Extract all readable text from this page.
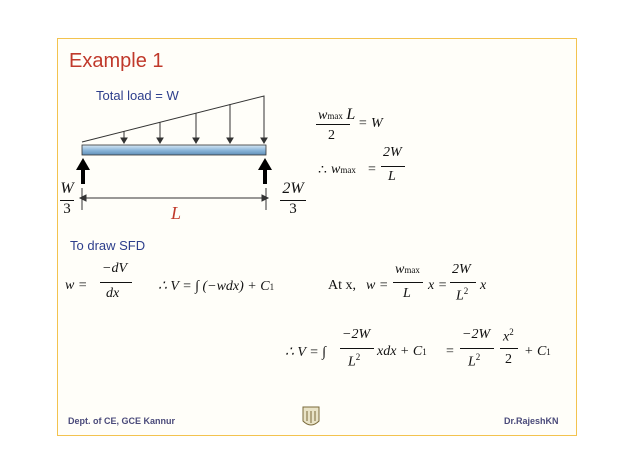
Example 1
Total load = W
L
W
3
2W
3
wmax L
2
= W
∴ wmax =
2W
L
To draw SFD
w =
−dV
dx	∴ V = ∫ (−wdx) + C1	At x, w =
wmax
L
x =
2W
$L^2$ x
∴ V = ∫
−2W
$L^2$ xdx + C1 =
−2W
$L^2$
$x^2$
2
+ C1
Dept. of CE, GCE Kannur	Dr.RajeshKN
